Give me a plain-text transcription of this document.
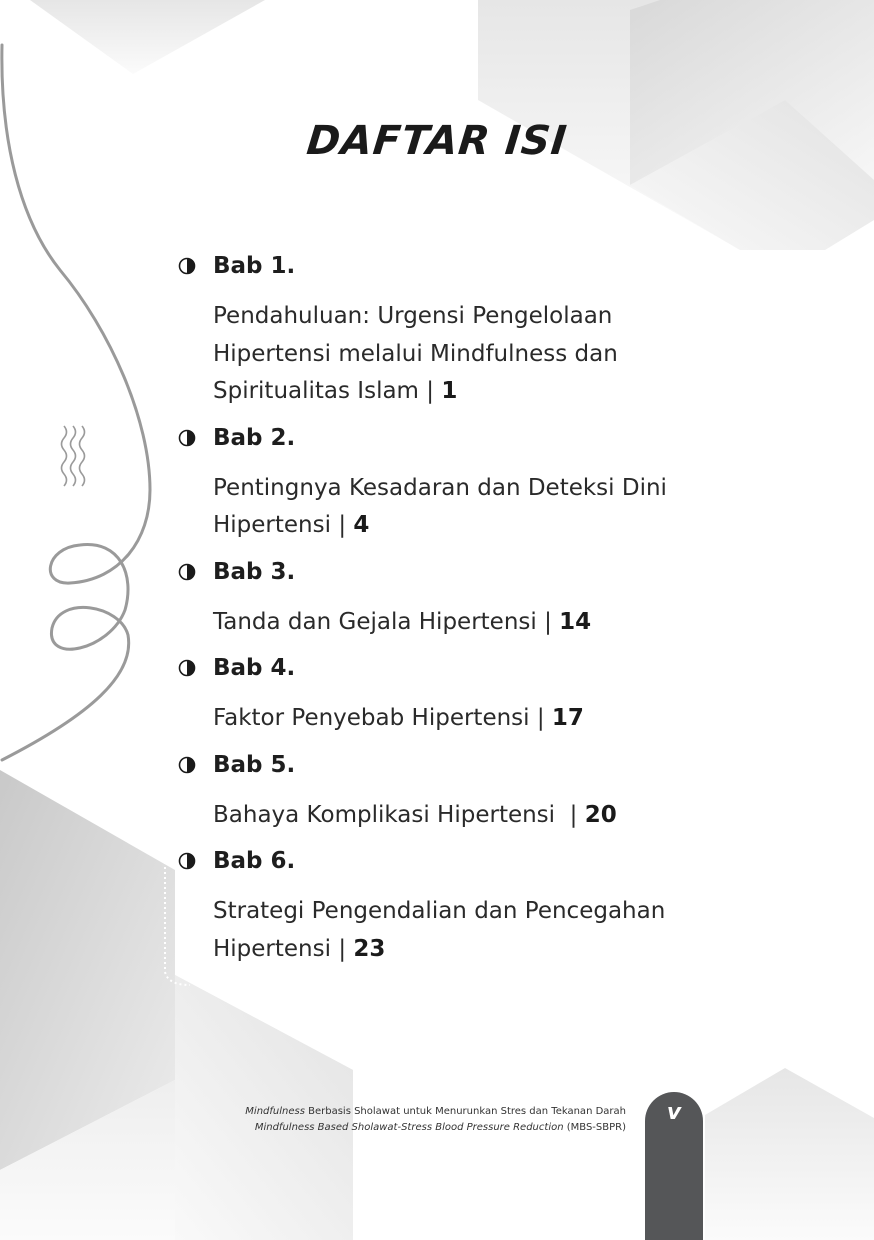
DAFTAR ISI
Bab 1.
Pendahuluan: Urgensi Pengelolaan
Hipertensi melalui Mindfulness dan
Spiritualitas Islam | 1
Bab 2.
Pentingnya Kesadaran dan Deteksi Dini
Hipertensi | 4
Bab 3.
Tanda dan Gejala Hipertensi | 14
Bab 4.
Faktor Penyebab Hipertensi | 17
Bab 5.
Bahaya Komplikasi Hipertensi  | 20
Bab 6.
Strategi Pengendalian dan Pencegahan
Hipertensi | 23
Mindfulness Berbasis Sholawat untuk Menurunkan Stres dan Tekanan Darah
Mindfulness Based Sholawat-Stress Blood Pressure Reduction (MBS-SBPR)
v
